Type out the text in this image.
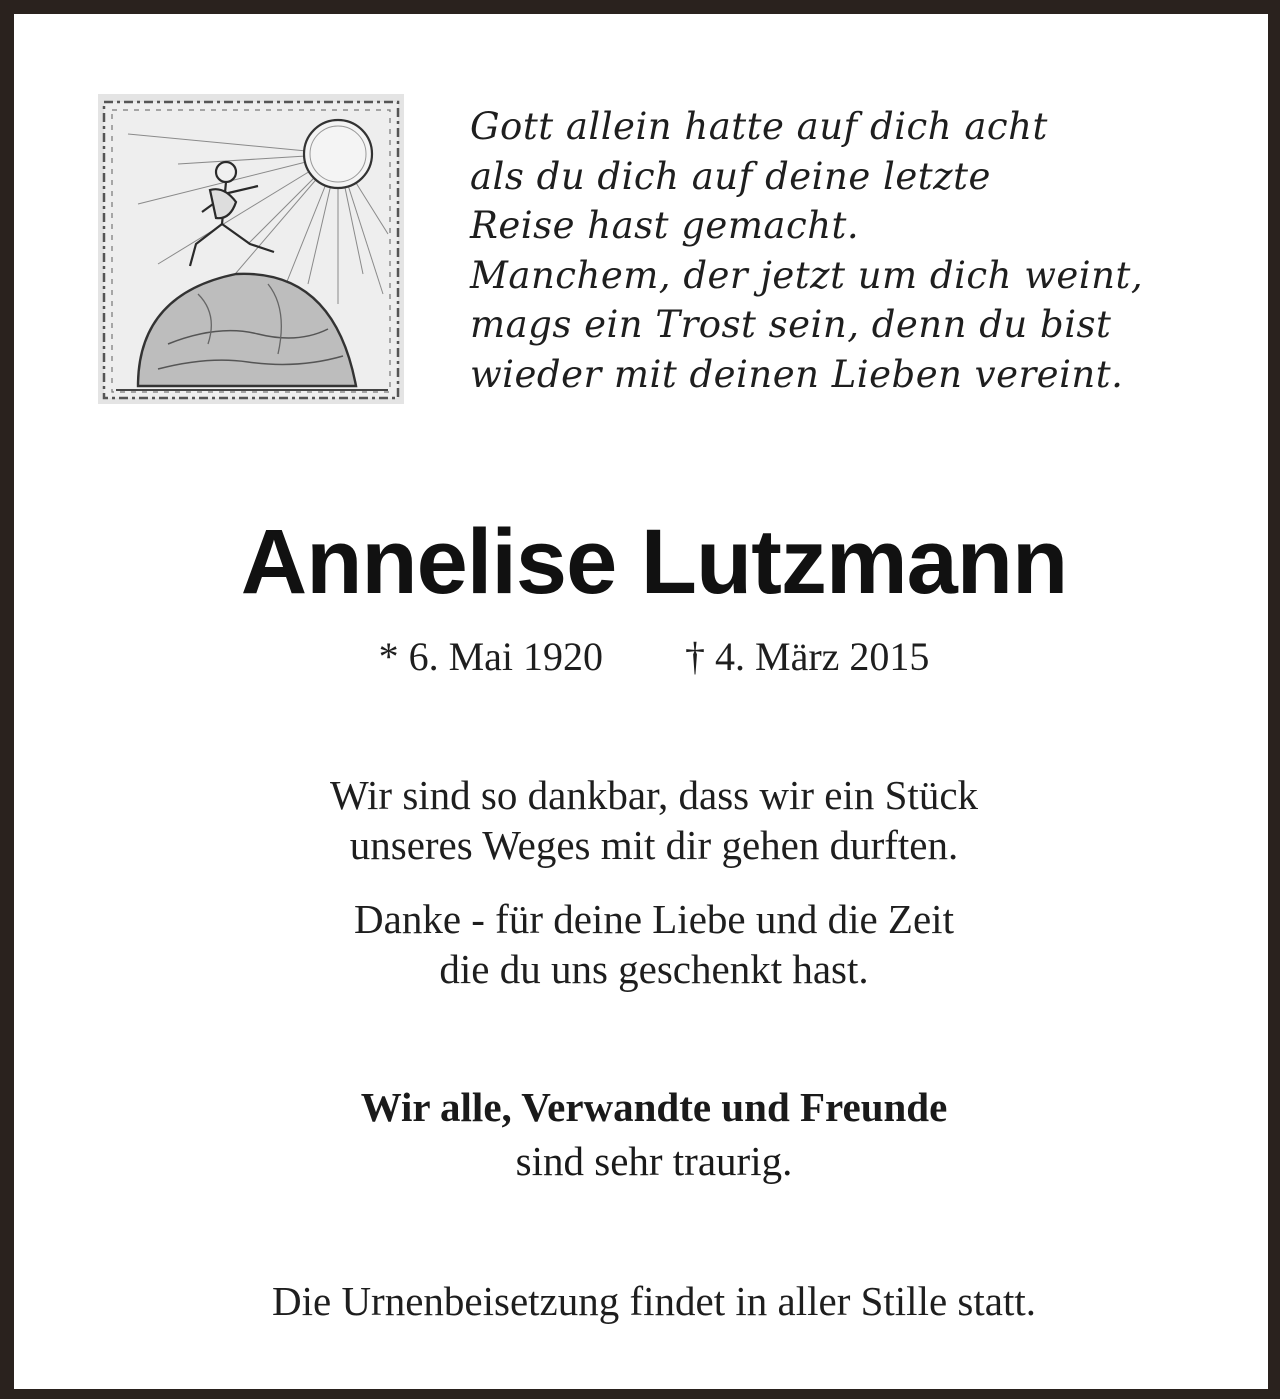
Gott allein hatte auf dich acht
als du dich auf deine letzte
Reise hast gemacht.
Manchem, der jetzt um dich weint,
mags ein Trost sein, denn du bist
wieder mit deinen Lieben vereint.
Annelise Lutzmann
* 6. Mai 1920 † 4. März 2015

Wir sind so dankbar, dass wir ein Stück
unseres Weges mit dir gehen durften.

Danke - für deine Liebe und die Zeit
die du uns geschenkt hast.

Wir alle, Verwandte und Freunde
sind sehr traurig.
Die Urnenbeisetzung findet in aller Stille statt.
